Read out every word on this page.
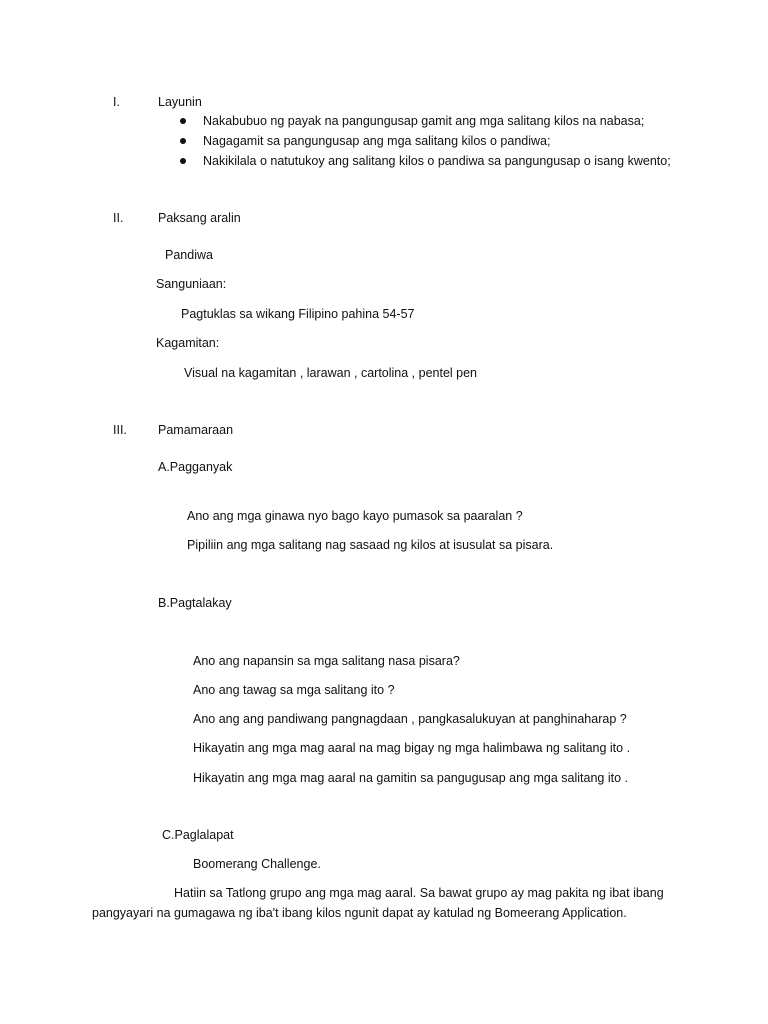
I.	Layunin
Nakabubuo ng payak na pangungusap gamit ang mga salitang kilos na nabasa;
Nagagamit sa pangungusap ang mga salitang kilos o pandiwa;
Nakikilala o natutukoy ang salitang kilos o pandiwa sa pangungusap o isang kwento;
II.	Paksang aralin
Pandiwa
Sanguniaan:
Pagtuklas sa wikang Filipino pahina 54-57
Kagamitan:
Visual na kagamitan , larawan , cartolina , pentel pen
III. Pamamaraan
A.Pagganyak
Ano ang mga ginawa nyo bago kayo pumasok sa paaralan ?
Pipiliin ang mga salitang nag sasaad ng kilos at isusulat sa pisara.
B.Pagtalakay
Ano ang napansin sa mga salitang nasa pisara?
Ano ang tawag sa mga salitang ito ?
Ano ang ang pandiwang pangnagdaan , pangkasalukuyan at panghinaharap ?
Hikayatin ang mga mag aaral na mag bigay ng mga halimbawa ng salitang ito .
Hikayatin ang mga mag aaral na gamitin sa pangugusap ang mga salitang ito .
C.Paglalapat
Boomerang Challenge.
Hatiin sa Tatlong grupo ang mga mag aaral. Sa bawat grupo ay mag pakita ng ibat ibang
pangyayari na gumagawa ng iba't ibang kilos ngunit dapat ay katulad ng Bomeerang Application.
